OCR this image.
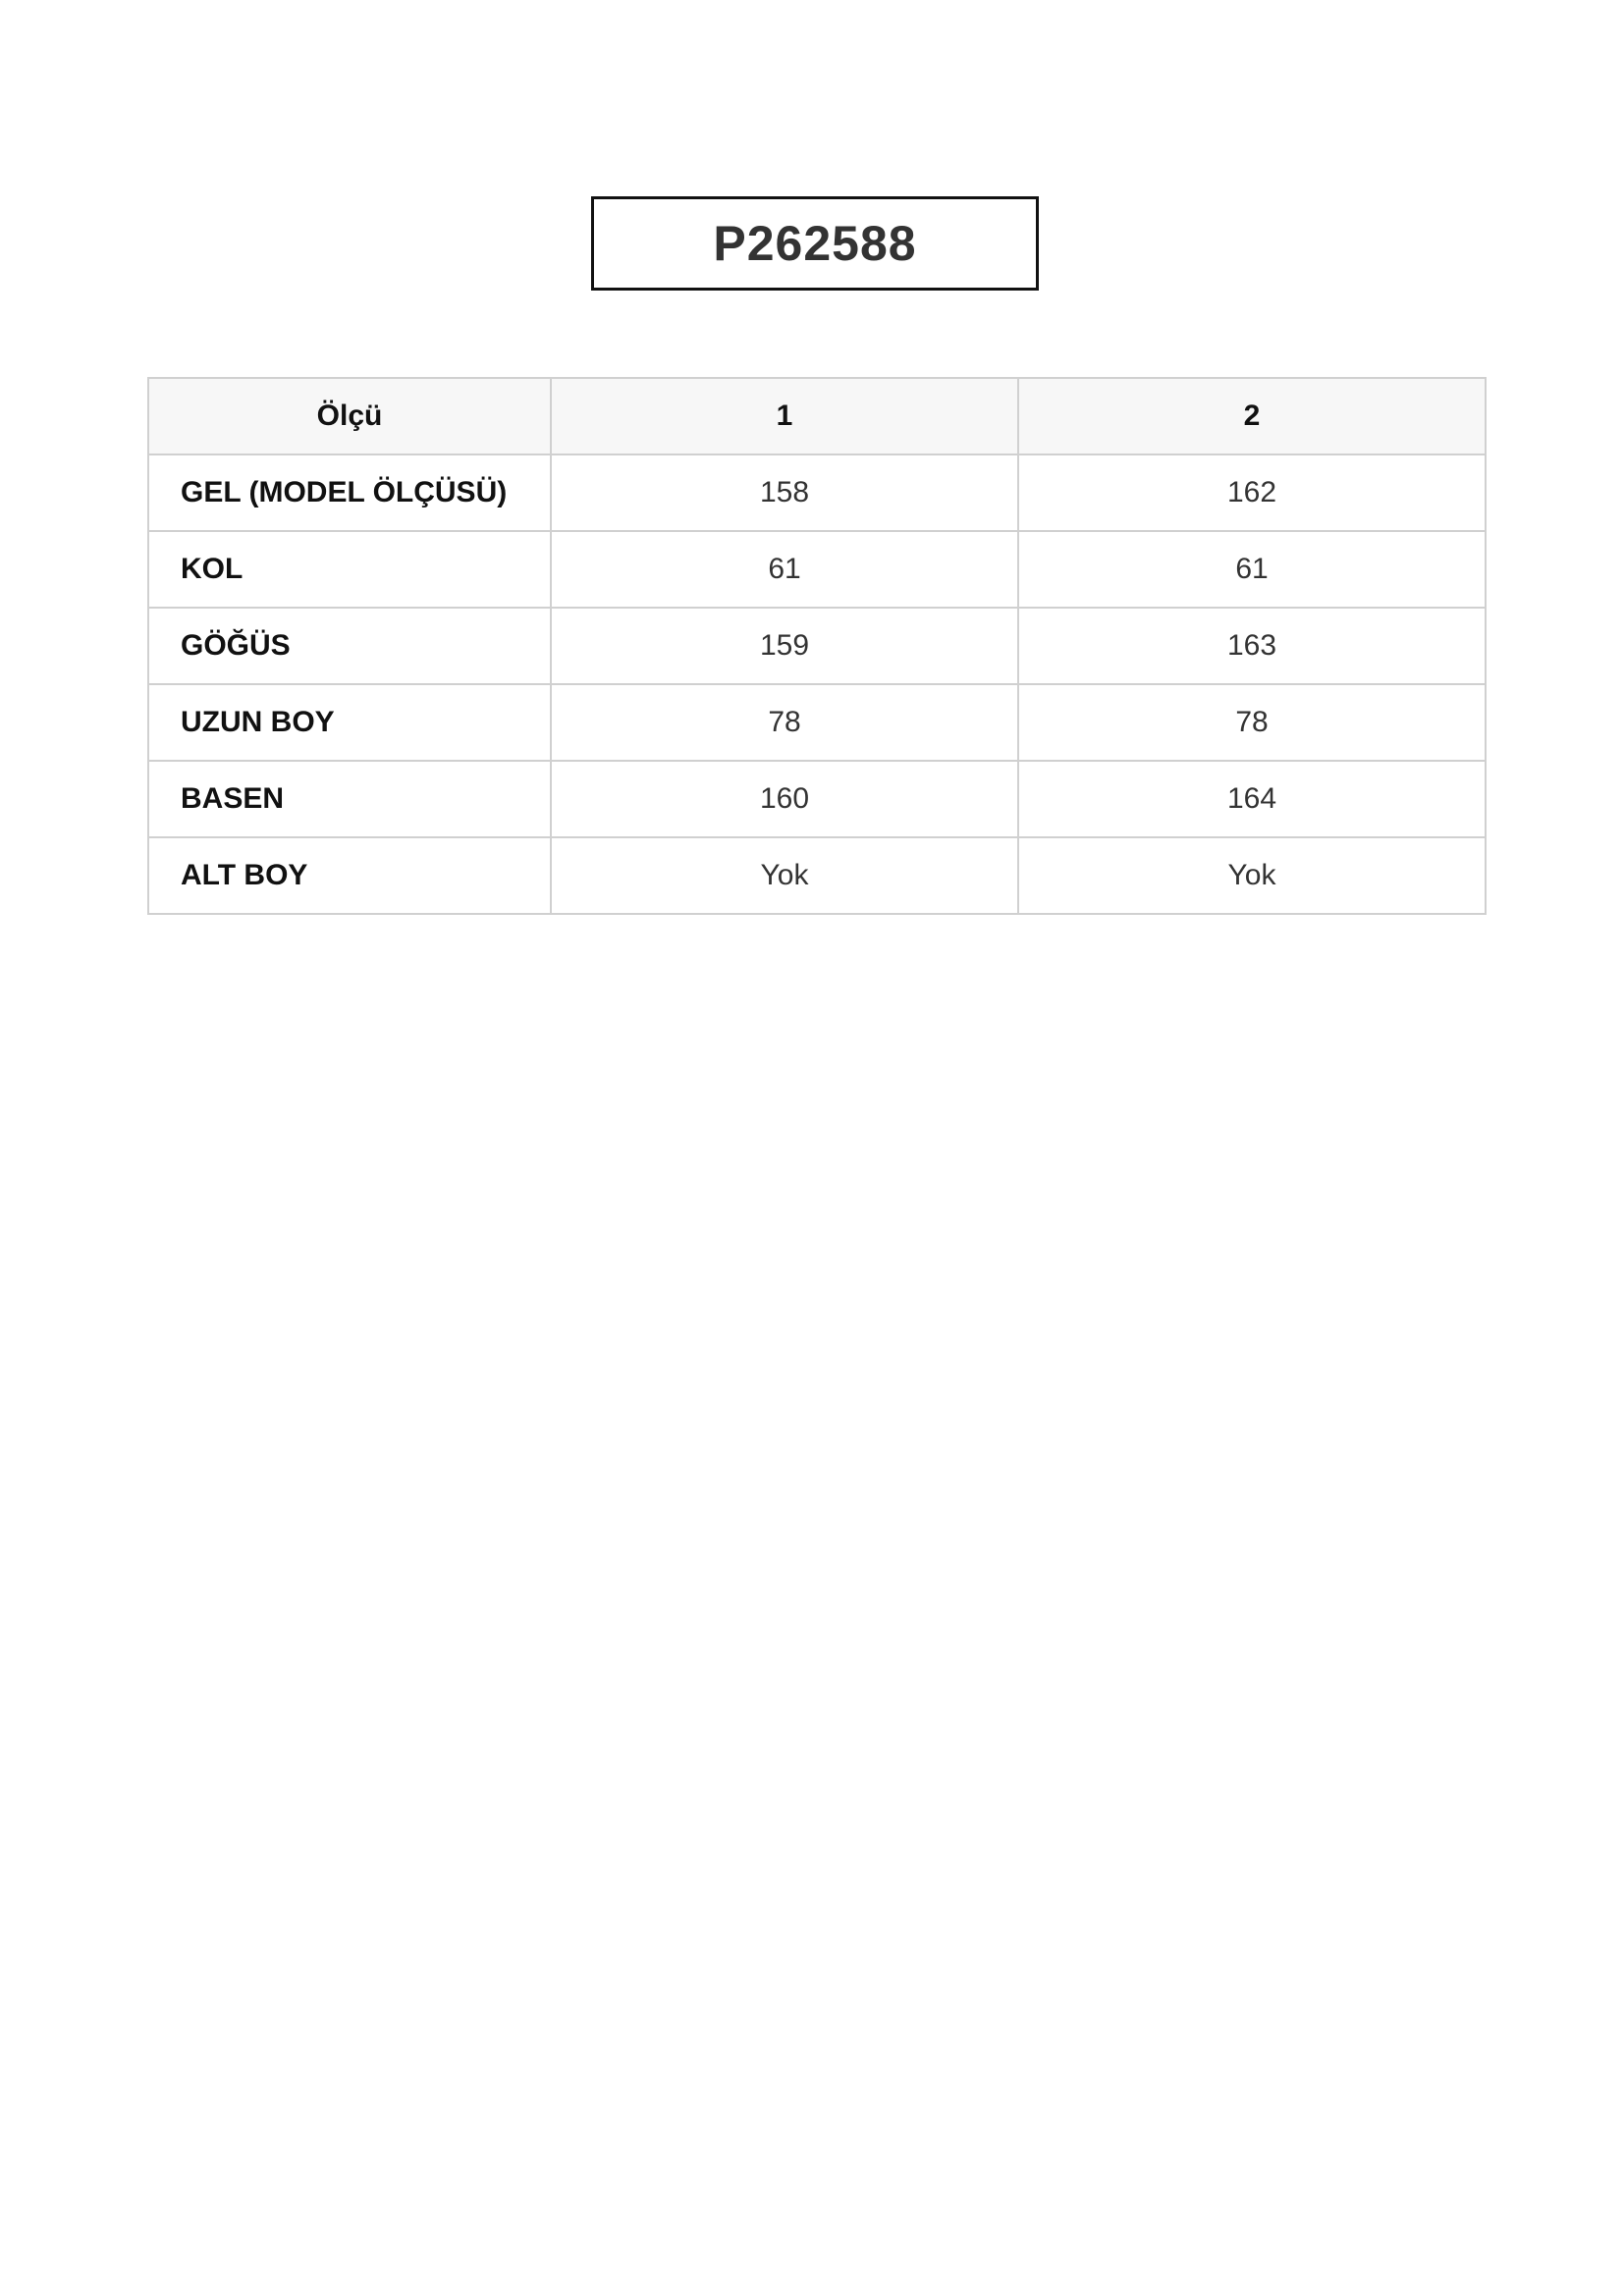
P262588
Ölçü	1	2
GEL (MODEL ÖLÇÜSÜ)	158	162
KOL	61	61
GÖĞÜS	159	163
UZUN BOY	78	78
BASEN	160	164
ALT BOY	Yok	Yok
